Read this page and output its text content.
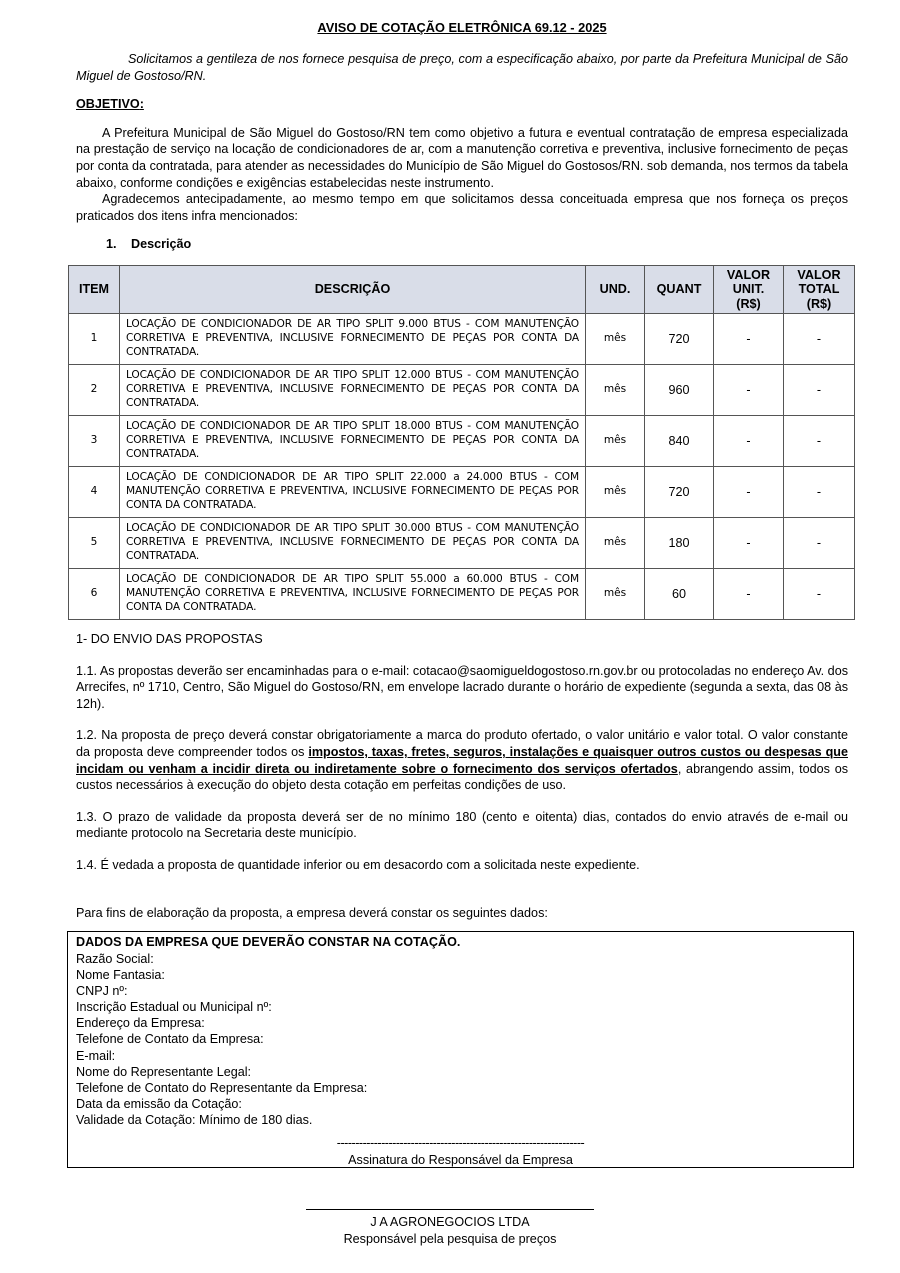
AVISO DE COTAÇÃO ELETRÔNICA 69.12 - 2025

Solicitamos a gentileza de nos fornece pesquisa de preço, com a especificação abaixo, por parte da Prefeitura Municipal de São Miguel de Gostoso/RN.

OBJETIVO:

A Prefeitura Municipal de São Miguel do Gostoso/RN tem como objetivo a futura e eventual contratação de empresa especializada na prestação de serviço na locação de condicionadores de ar, com a manutenção corretiva e preventiva, inclusive fornecimento de peças por conta da contratada, para atender as necessidades do Município de São Miguel do Gostosos/RN. sob demanda, nos termos da tabela abaixo, conforme condições e exigências estabelecidas neste instrumento.

Agradecemos antecipadamente, ao mesmo tempo em que solicitamos dessa conceituada empresa que nos forneça os preços praticados dos itens infra mencionados:

1. Descrição
ITEM	DESCRIÇÃO	UND.	QUANT	VALOR
UNIT.
(R$)	VALOR
TOTAL
(R$)
1	LOCAÇÃO DE CONDICIONADOR DE AR TIPO SPLIT 9.000 BTUS - COM MANUTENÇÃO CORRETIVA E PREVENTIVA, INCLUSIVE FORNECIMENTO DE PEÇAS POR CONTA DA CONTRATADA.	mês	720	-	-
2	LOCAÇÃO DE CONDICIONADOR DE AR TIPO SPLIT 12.000 BTUS - COM MANUTENÇÃO CORRETIVA E PREVENTIVA, INCLUSIVE FORNECIMENTO DE PEÇAS POR CONTA DA CONTRATADA.	mês	960	-	-
3	LOCAÇÃO DE CONDICIONADOR DE AR TIPO SPLIT 18.000 BTUS - COM MANUTENÇÃO CORRETIVA E PREVENTIVA, INCLUSIVE FORNECIMENTO DE PEÇAS POR CONTA DA CONTRATADA.	mês	840	-	-
4	LOCAÇÃO DE CONDICIONADOR DE AR TIPO SPLIT 22.000 a 24.000 BTUS - COM MANUTENÇÃO CORRETIVA E PREVENTIVA, INCLUSIVE FORNECIMENTO DE PEÇAS POR CONTA DA CONTRATADA.	mês	720	-	-
5	LOCAÇÃO DE CONDICIONADOR DE AR TIPO SPLIT 30.000 BTUS - COM MANUTENÇÃO CORRETIVA E PREVENTIVA, INCLUSIVE FORNECIMENTO DE PEÇAS POR CONTA DA CONTRATADA.	mês	180	-	-
6	LOCAÇÃO DE CONDICIONADOR DE AR TIPO SPLIT 55.000 a 60.000 BTUS - COM MANUTENÇÃO CORRETIVA E PREVENTIVA, INCLUSIVE FORNECIMENTO DE PEÇAS POR CONTA DA CONTRATADA.	mês	60	-	-

1- DO ENVIO DAS PROPOSTAS

1.1. As propostas deverão ser encaminhadas para o e-mail: cotacao@saomigueldogostoso.rn.gov.br ou protocoladas no endereço Av. dos Arrecifes, nº 1710, Centro, São Miguel do Gostoso/RN, em envelope lacrado durante o horário de expediente (segunda a sexta, das 08 às 12h).

1.2. Na proposta de preço deverá constar obrigatoriamente a marca do produto ofertado, o valor unitário e valor total. O valor constante da proposta deve compreender todos os impostos, taxas, fretes, seguros, instalações e quaisquer outros custos ou despesas que incidam ou venham a incidir direta ou indiretamente sobre o fornecimento dos serviços ofertados, abrangendo assim, todos os custos necessários à execução do objeto desta cotação em perfeitas condições de uso.

1.3. O prazo de validade da proposta deverá ser de no mínimo 180 (cento e oitenta) dias, contados do envio através de e-mail ou mediante protocolo na Secretaria deste município.

1.4. É vedada a proposta de quantidade inferior ou em desacordo com a solicitada neste expediente.

Para fins de elaboração da proposta, a empresa deverá constar os seguintes dados:

DADOS DA EMPRESA QUE DEVERÃO CONSTAR NA COTAÇÃO.
Razão Social:
Nome Fantasia:
CNPJ nº:
Inscrição Estadual ou Municipal nº:
Endereço da Empresa:
Telefone de Contato da Empresa:
E-mail:
Nome do Representante Legal:
Telefone de Contato do Representante da Empresa:
Data da emissão da Cotação:
Validade da Cotação: Mínimo de 180 dias.
-------------------------------------------------------------------
Assinatura do Responsável da Empresa
J A AGRONEGOCIOS LTDA
Responsável pela pesquisa de preços
